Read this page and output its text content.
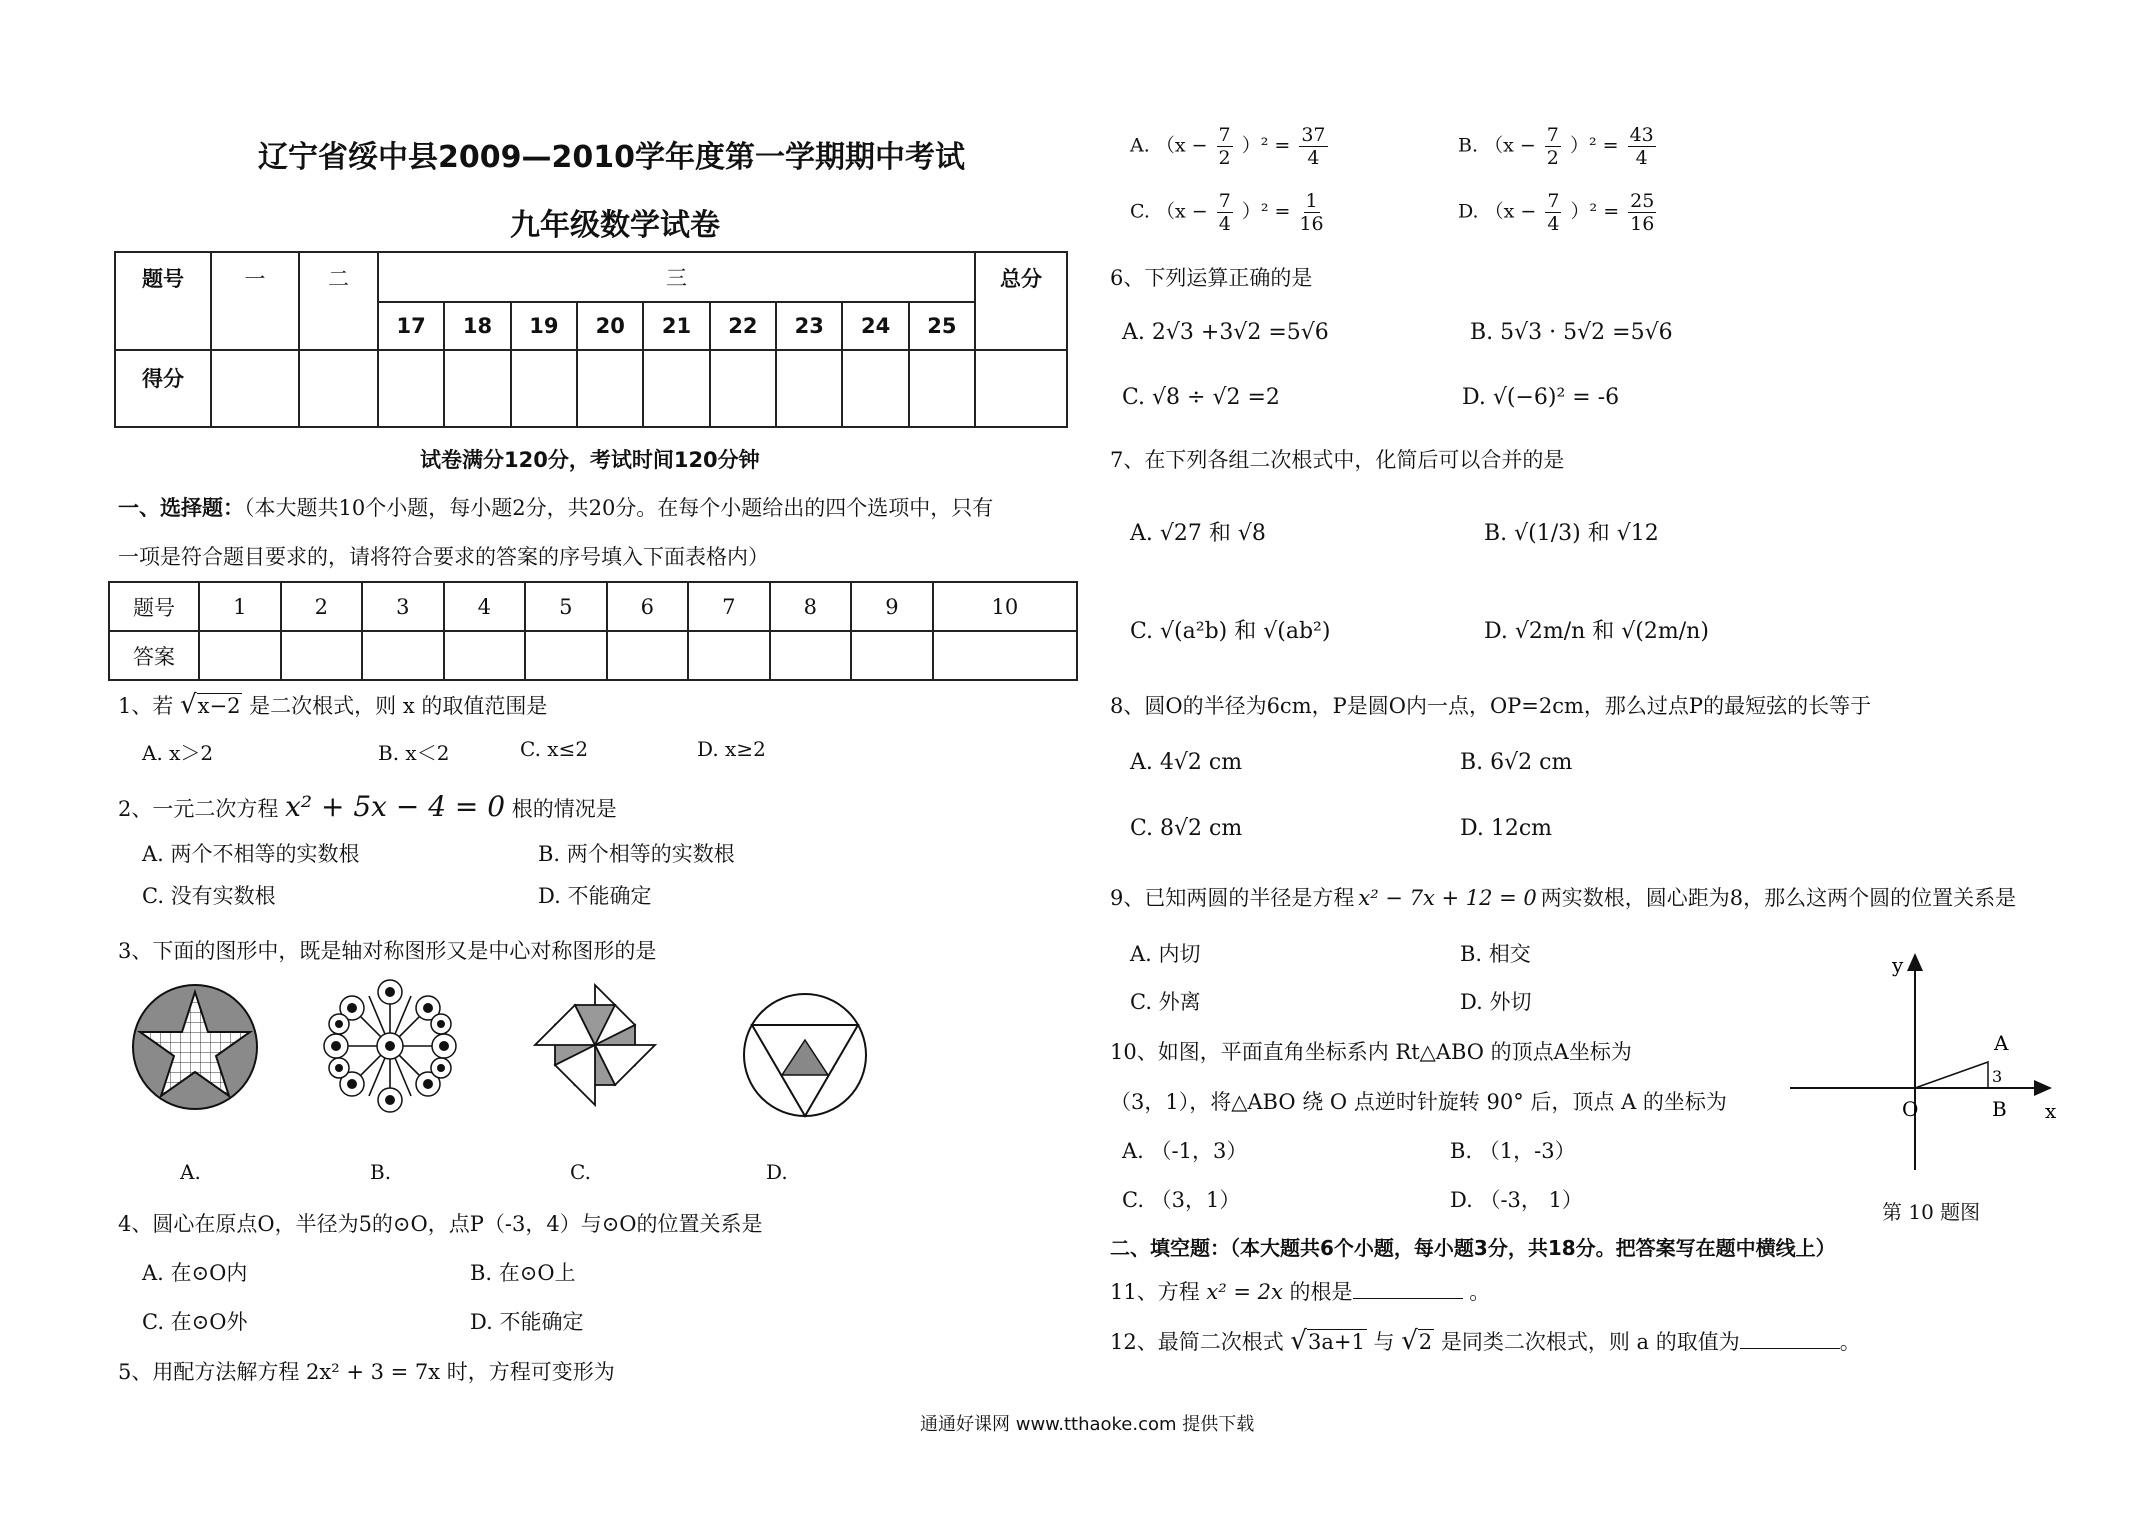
辽宁省绥中县2009—2010学年度第一学期期中考试
九年级数学试卷
题号	一	二	三									总分
			17	18	19	20	21	22	23	24	25	
得分												
试卷满分120分，考试时间120分钟
一、选择题：（本大题共10个小题，每小题2分，共20分。在每个小题给出的四个选项中，只有
一项是符合题目要求的，请将符合要求的答案的序号填入下面表格内）
题号	1	2	3	4	5	6	7	8	9	10
答案										
1、若 √x−2 是二次根式，则 x 的取值范围是
A. x＞2	B. x＜2	C. x≤2	D. x≥2
2、一元二次方程 x² + 5x − 4 = 0 根的情况是
A. 两个不相等的实数根	B. 两个相等的实数根
C. 没有实数根	D. 不能确定
3、下面的图形中，既是轴对称图形又是中心对称图形的是
A.	B.	C.	D.
4、圆心在原点O，半径为5的⊙O，点P（-3，4）与⊙O的位置关系是
A. 在⊙O内	B. 在⊙O上
C. 在⊙O外	D. 不能确定
5、用配方法解方程 2x² + 3 = 7x 时，方程可变形为
A. $(x - \frac{7}{2} )^2 = \frac{37}{4}$	B. $(x - \frac{7}{2} )^2 = \frac{43}{4}$
C. $(x - \frac{7}{4} )^2 = \frac{1}{16}$	D. $(x - \frac{7}{4} )^2 = \frac{25}{16}$
6、下列运算正确的是
A. 2√3 +3√2 =5√6	B. 5√3 · 5√2 =5√6
C. √8 ÷ √2 =2	D. √(−6)² = -6
7、在下列各组二次根式中，化简后可以合并的是
A. √27 和 √8	B. √(1/3) 和 √12
C. √(a²b) 和 √(ab²)	D. √2m/n 和 √(2m/n)
8、圆O的半径为6cm，P是圆O内一点，OP=2cm，那么过点P的最短弦的长等于
A. 4√2 cm	B. 6√2 cm
C. 8√2 cm	D. 12cm
9、已知两圆的半径是方程 x² − 7x + 12 = 0 两实数根，圆心距为8，那么这两个圆的位置关系是
A. 内切	B. 相交
C. 外离	D. 外切
10、如图，平面直角坐标系内 Rt△ABO 的顶点A坐标为
（3，1），将△ABO 绕 O 点逆时针旋转 90° 后，顶点 A 的坐标为
A. （-1，3）	B. （1，-3）
C. （3，1）	D. （-3， 1）
y
x
O
A
B
3
第 10 题图
二、填空题：（本大题共6个小题，每小题3分，共18分。把答案写在题中横线上）
11、方程 x² = 2x 的根是	。
12、最简二次根式 √3a+1 与 √2 是同类二次根式，则 a 的取值为	。
通通好课网 www.tthaoke.com 提供下载
